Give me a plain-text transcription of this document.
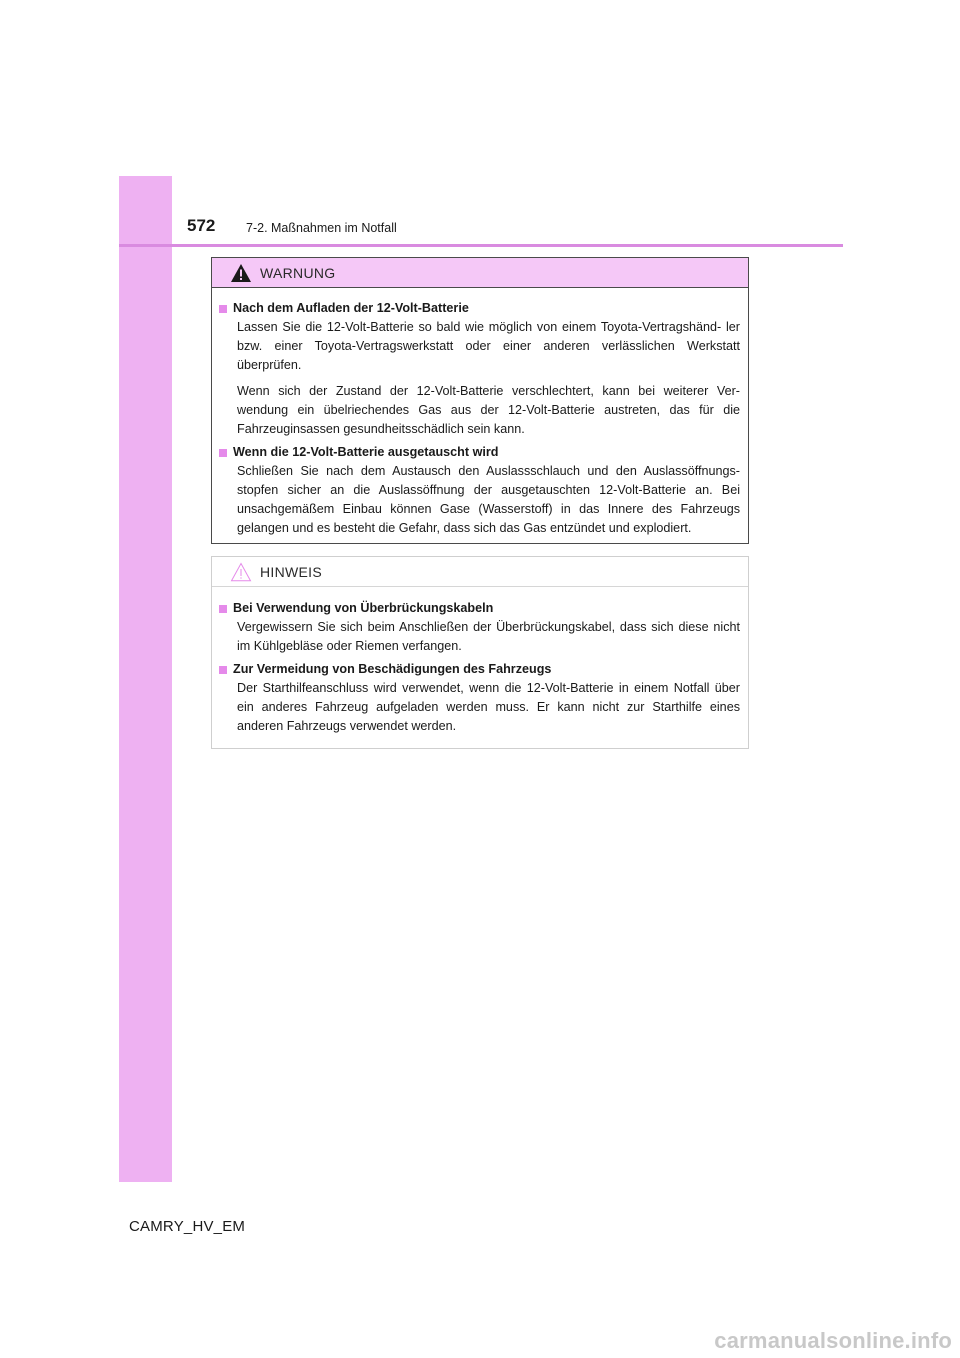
572 7-2. Maßnahmen im Notfall
WARNUNG
Nach dem Aufladen der 12-Volt-Batterie

Lassen Sie die 12-Volt-Batterie so bald wie möglich von einem Toyota-Vertragshänd- ler bzw. einer Toyota-Vertragswerkstatt oder einer anderen verlässlichen Werkstatt überprüfen.

Wenn sich der Zustand der 12-Volt-Batterie verschlechtert, kann bei weiterer Ver- wendung ein übelriechendes Gas aus der 12-Volt-Batterie austreten, das für die Fahrzeuginsassen gesundheitsschädlich sein kann.

Wenn die 12-Volt-Batterie ausgetauscht wird

Schließen Sie nach dem Austausch den Auslassschlauch und den Auslassöffnungs- stopfen sicher an die Auslassöffnung der ausgetauschten 12-Volt-Batterie an. Bei unsachgemäßem Einbau können Gase (Wasserstoff) in das Innere des Fahrzeugs gelangen und es besteht die Gefahr, dass sich das Gas entzündet und explodiert.

HINWEIS
Bei Verwendung von Überbrückungskabeln

Vergewissern Sie sich beim Anschließen der Überbrückungskabel, dass sich diese nicht im Kühlgebläse oder Riemen verfangen.

Zur Vermeidung von Beschädigungen des Fahrzeugs

Der Starthilfeanschluss wird verwendet, wenn die 12-Volt-Batterie in einem Notfall über ein anderes Fahrzeug aufgeladen werden muss. Er kann nicht zur Starthilfe eines anderen Fahrzeugs verwendet werden.

CAMRY_HV_EM
carmanualsonline.info
